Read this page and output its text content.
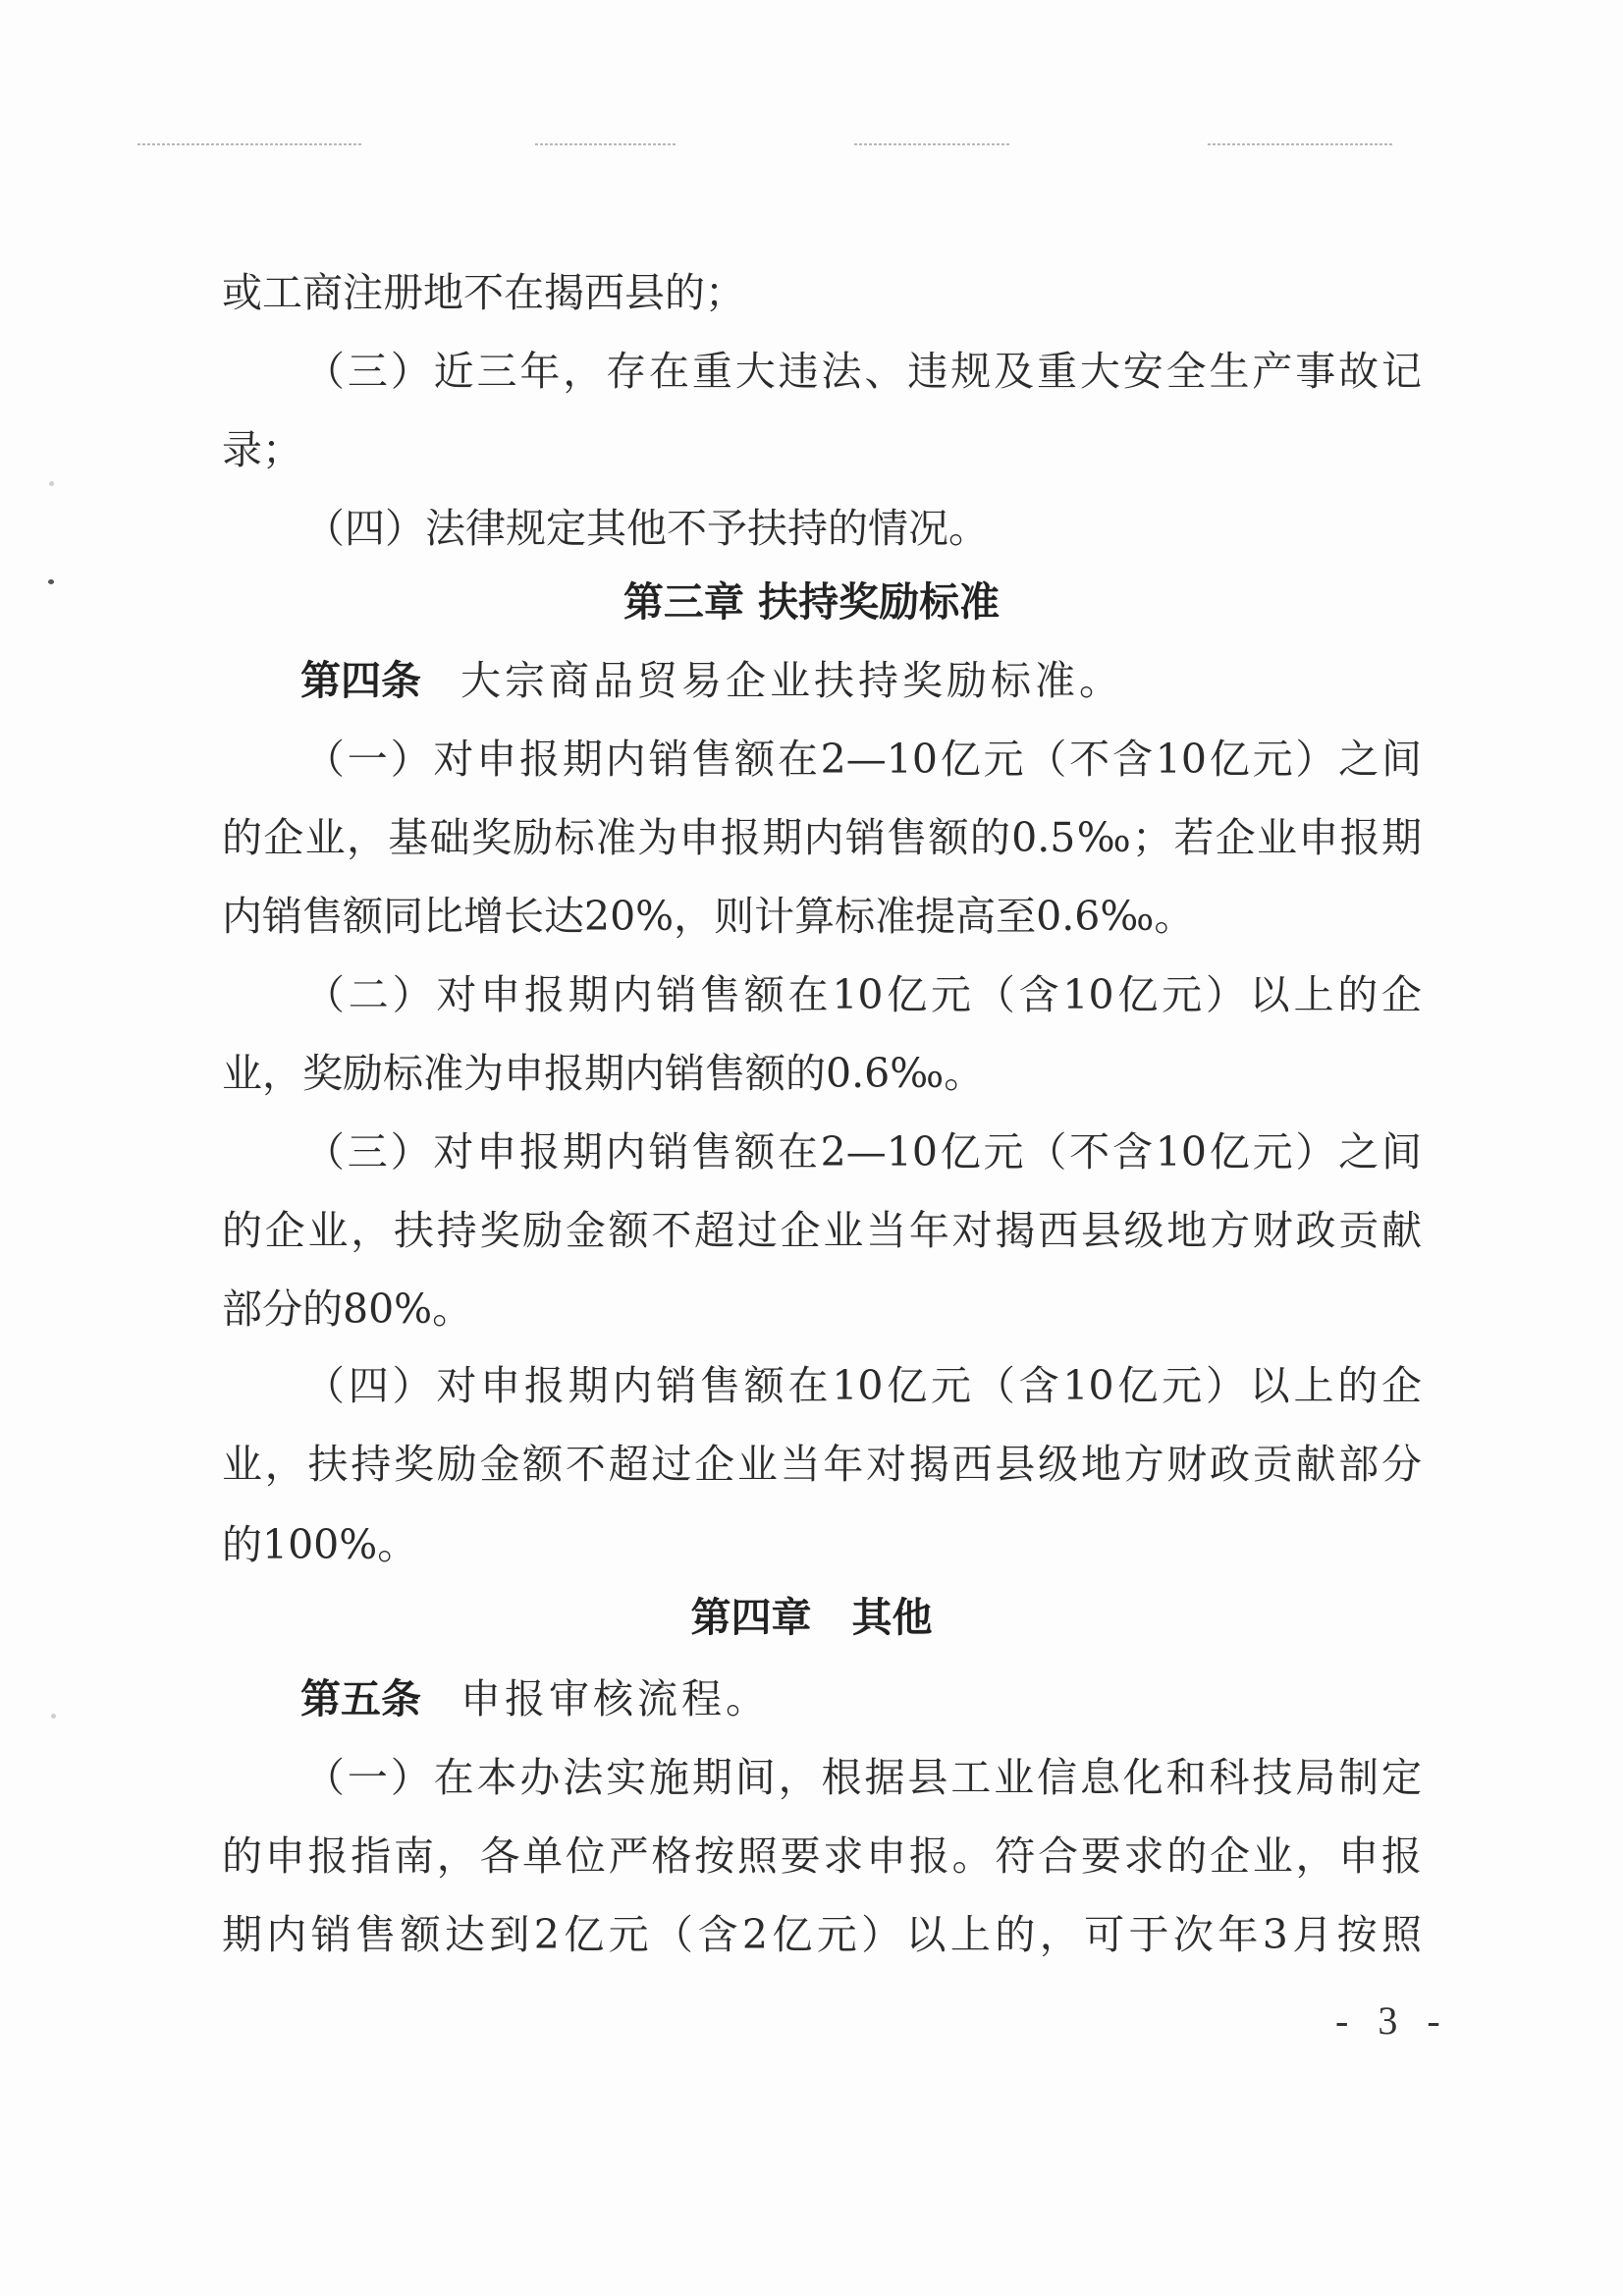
或工商注册地不在揭西县的；
（三）近三年，存在重大违法、违规及重大安全生产事故记
录；
（四）法律规定其他不予扶持的情况。
第三章 扶持奖励标准
第四条 大宗商品贸易企业扶持奖励标准。
（一）对申报期内销售额在2—10亿元（不含10亿元）之间
的企业，基础奖励标准为申报期内销售额的0.5‰；若企业申报期
内销售额同比增长达20%，则计算标准提高至0.6‰。
（二）对申报期内销售额在10亿元（含10亿元）以上的企
业，奖励标准为申报期内销售额的0.6‰。
（三）对申报期内销售额在2—10亿元（不含10亿元）之间
的企业，扶持奖励金额不超过企业当年对揭西县级地方财政贡献
部分的80%。
（四）对申报期内销售额在10亿元（含10亿元）以上的企
业，扶持奖励金额不超过企业当年对揭西县级地方财政贡献部分
的100%。
第四章　其他
第五条 申报审核流程。
（一）在本办法实施期间，根据县工业信息化和科技局制定
的申报指南，各单位严格按照要求申报。符合要求的企业，申报
期内销售额达到2亿元（含2亿元）以上的，可于次年3月按照
- 3 -
